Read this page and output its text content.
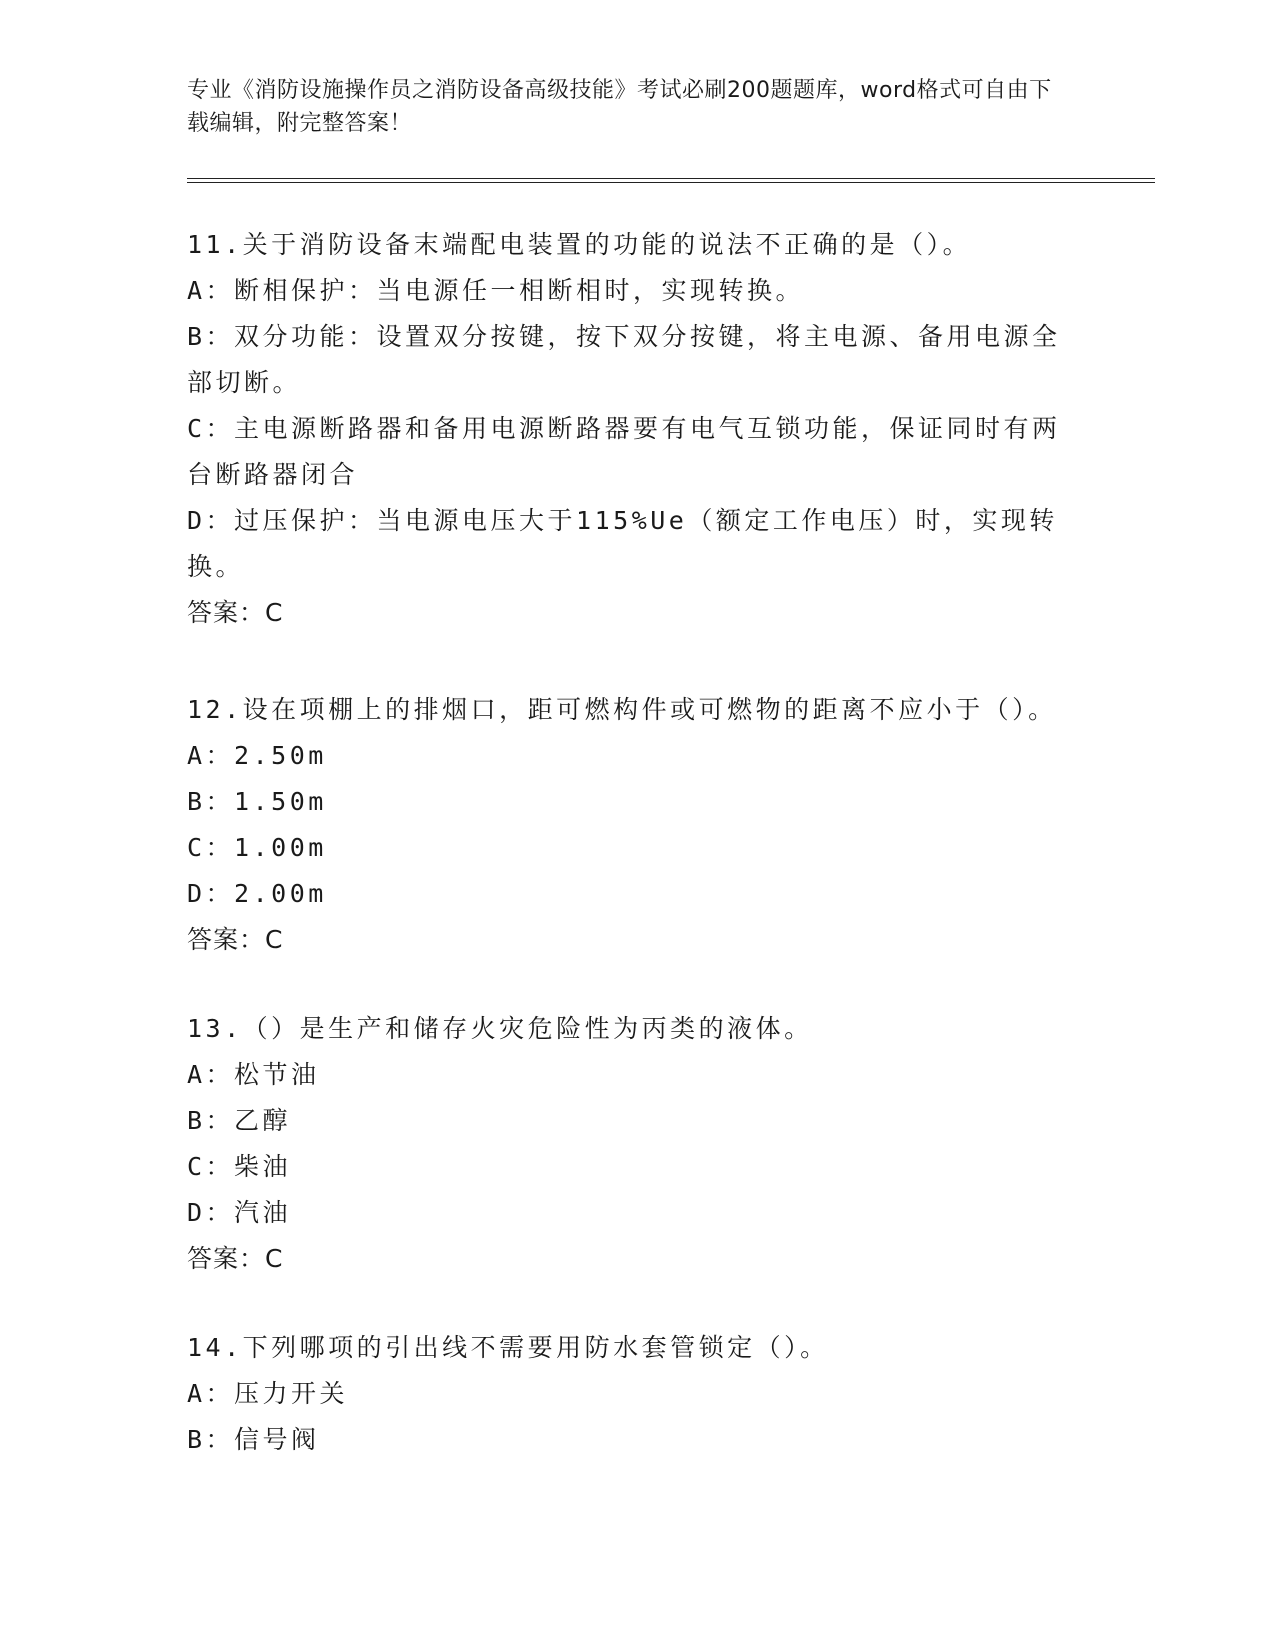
专业《消防设施操作员之消防设备高级技能》考试必刷200题题库，word格式可自由下载编辑，附完整答案！
11.关于消防设备末端配电装置的功能的说法不正确的是（）。
A：断相保护：当电源任一相断相时，实现转换。
B：双分功能：设置双分按键，按下双分按键，将主电源、备用电源全部切断。
C：主电源断路器和备用电源断路器要有电气互锁功能，保证同时有两台断路器闭合
D：过压保护：当电源电压大于115%Ue（额定工作电压）时，实现转换。
答案：C
12.设在项棚上的排烟口，距可燃构件或可燃物的距离不应小于（）。
A：2.50m
B：1.50m
C：1.00m
D：2.00m
答案：C
13.（）是生产和储存火灾危险性为丙类的液体。
A：松节油
B：乙醇
C：柴油
D：汽油
答案：C
14.下列哪项的引出线不需要用防水套管锁定（）。
A：压力开关
B：信号阀
